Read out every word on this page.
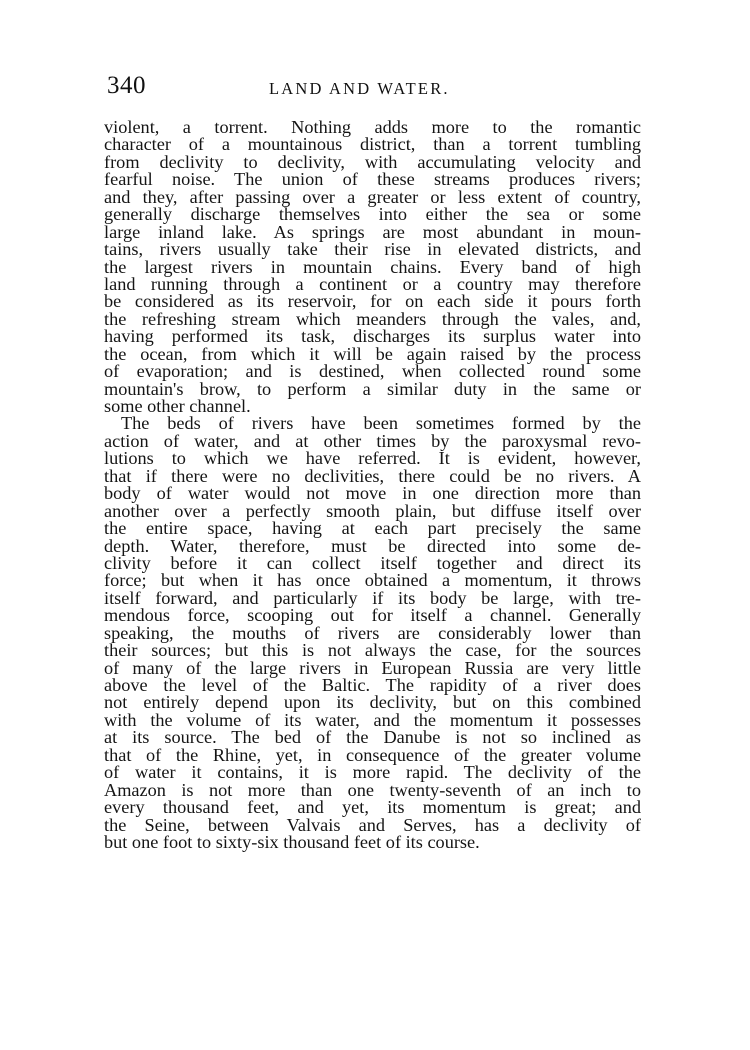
340	LAND AND WATER.
violent, a torrent. Nothing adds more to the romantic
character of a mountainous district, than a torrent tumbling
from declivity to declivity, with accumulating velocity and
fearful noise. The union of these streams produces rivers;
and they, after passing over a greater or less extent of country,
generally discharge themselves into either the sea or some
large inland lake. As springs are most abundant in moun-
tains, rivers usually take their rise in elevated districts, and
the largest rivers in mountain chains. Every band of high
land running through a continent or a country may therefore
be considered as its reservoir, for on each side it pours forth
the refreshing stream which meanders through the vales, and,
having performed its task, discharges its surplus water into
the ocean, from which it will be again raised by the process
of evaporation; and is destined, when collected round some
mountain's brow, to perform a similar duty in the same or
some other channel.
The beds of rivers have been sometimes formed by the
action of water, and at other times by the paroxysmal revo-
lutions to which we have referred. It is evident, however,
that if there were no declivities, there could be no rivers. A
body of water would not move in one direction more than
another over a perfectly smooth plain, but diffuse itself over
the entire space, having at each part precisely the same
depth. Water, therefore, must be directed into some de-
clivity before it can collect itself together and direct its
force; but when it has once obtained a momentum, it throws
itself forward, and particularly if its body be large, with tre-
mendous force, scooping out for itself a channel. Generally
speaking, the mouths of rivers are considerably lower than
their sources; but this is not always the case, for the sources
of many of the large rivers in European Russia are very little
above the level of the Baltic. The rapidity of a river does
not entirely depend upon its declivity, but on this combined
with the volume of its water, and the momentum it possesses
at its source. The bed of the Danube is not so inclined as
that of the Rhine, yet, in consequence of the greater volume
of water it contains, it is more rapid. The declivity of the
Amazon is not more than one twenty-seventh of an inch to
every thousand feet, and yet, its momentum is great; and
the Seine, between Valvais and Serves, has a declivity of
but one foot to sixty-six thousand feet of its course.
